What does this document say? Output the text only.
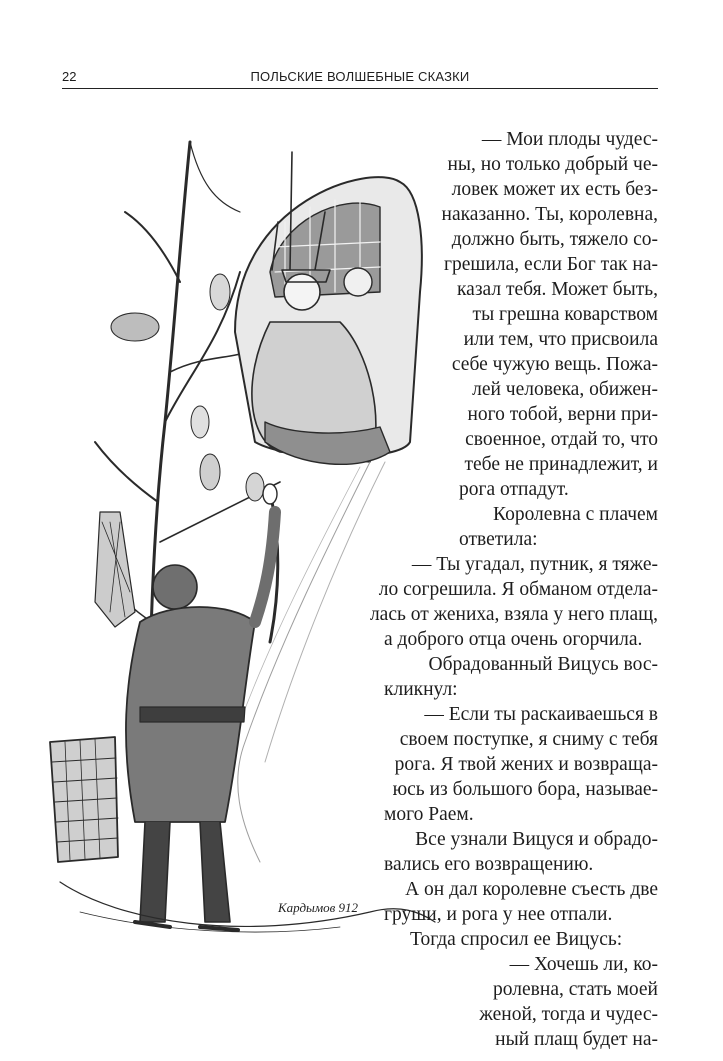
22	ПОЛЬСКИЕ ВОЛШЕБНЫЕ СКАЗКИ
Кардымов 912
— Мои плоды чудес-
ны, но только добрый че-
ловек может их есть без-
наказанно. Ты, королевна,
должно быть, тяжело со-
грешила, если Бог так на-
казал тебя. Может быть,
ты грешна коварством
или тем, что присвоила
себе чужую вещь. Пожа-
лей человека, обижен-
ного тобой, верни при-
своенное, отдай то, что
тебе не принадлежит, и
рога отпадут.
Королевна с плачем
ответила:
— Ты угадал, путник, я тяже-
ло согрешила. Я обманом отдела-
лась от жениха, взяла у него плащ,
а доброго отца очень огорчила.
Обрадованный Вицусь вос-
кликнул:
— Если ты раскаиваешься в
своем поступке, я сниму с тебя
рога. Я твой жених и возвраща-
юсь из большого бора, называе-
мого Раем.
Все узнали Вицуся и обрадо-
вались его возвращению.
А он дал королевне съесть две
груши, и рога у нее отпали.
Тогда спросил ее Вицусь:
— Хочешь ли, ко-
ролевна, стать моей
женой, тогда и чудес-
ный плащ будет на-
